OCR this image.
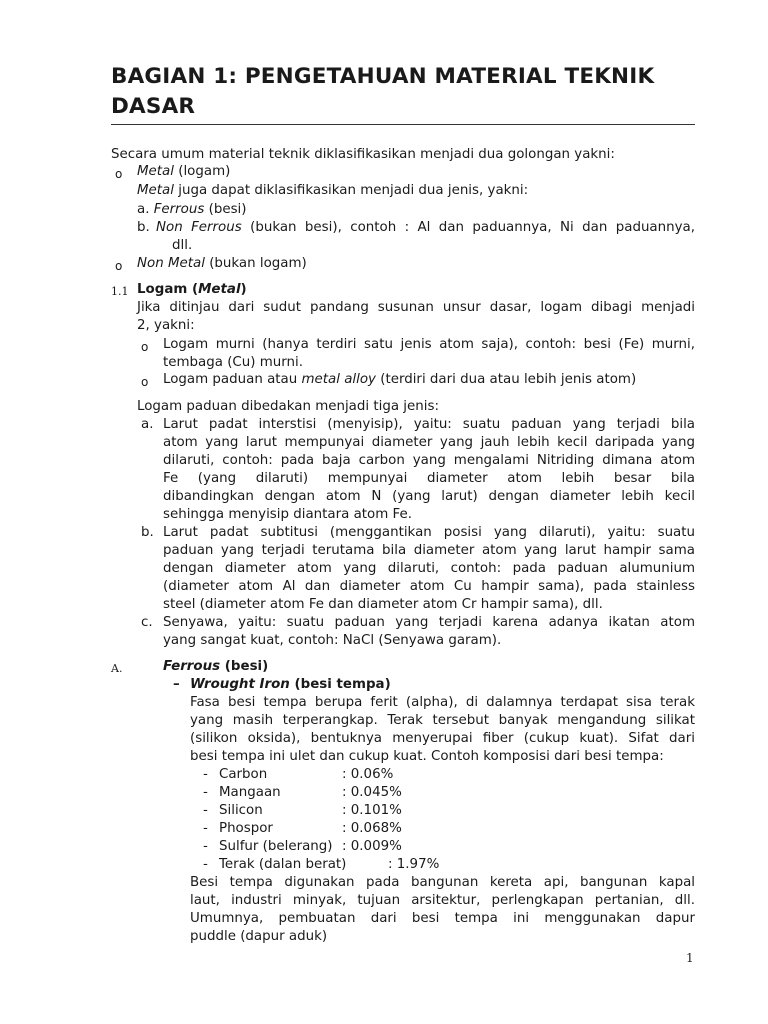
BAGIAN 1: PENGETAHUAN MATERIAL TEKNIK DASAR
Secara umum material teknik diklasifikasikan menjadi dua golongan yakni:
o Metal (logam)
Metal juga dapat diklasifikasikan menjadi dua jenis, yakni:
a. Ferrous (besi)
b. Non Ferrous (bukan besi), contoh : Al dan paduannya, Ni dan paduannya,
dll.
o Non Metal (bukan logam)
1.1 Logam (Metal)
Jika ditinjau dari sudut pandang susunan unsur dasar, logam dibagi menjadi
2, yakni:
o Logam murni (hanya terdiri satu jenis atom saja), contoh: besi (Fe) murni,
tembaga (Cu) murni.
o Logam paduan atau metal alloy (terdiri dari dua atau lebih jenis atom)
Logam paduan dibedakan menjadi tiga jenis:
a. Larut padat interstisi (menyisip), yaitu: suatu paduan yang terjadi bila
atom yang larut mempunyai diameter yang jauh lebih kecil daripada yang
dilaruti, contoh: pada baja carbon yang mengalami Nitriding dimana atom
Fe (yang dilaruti) mempunyai diameter atom lebih besar bila
dibandingkan dengan atom N (yang larut) dengan diameter lebih kecil
sehingga menyisip diantara atom Fe.
b. Larut padat subtitusi (menggantikan posisi yang dilaruti), yaitu: suatu
paduan yang terjadi terutama bila diameter atom yang larut hampir sama
dengan diameter atom yang dilaruti, contoh: pada paduan alumunium
(diameter atom Al dan diameter atom Cu hampir sama), pada stainless
steel (diameter atom Fe dan diameter atom Cr hampir sama), dll.
c. Senyawa, yaitu: suatu paduan yang terjadi karena adanya ikatan atom
yang sangat kuat, contoh: NaCl (Senyawa garam).
A.	Ferrous (besi)
– Wrought Iron (besi tempa)
Fasa besi tempa berupa ferit (alpha), di dalamnya terdapat sisa terak
yang masih terperangkap. Terak tersebut banyak mengandung silikat
(silikon oksida), bentuknya menyerupai fiber (cukup kuat). Sifat dari
besi tempa ini ulet dan cukup kuat. Contoh komposisi dari besi tempa:
- Carbon	: 0.06%
- Mangaan	: 0.045%
- Silicon	: 0.101%
- Phospor	: 0.068%
- Sulfur (belerang) : 0.009%
- Terak (dalan berat)	: 1.97%
Besi tempa digunakan pada bangunan kereta api, bangunan kapal
laut, industri minyak, tujuan arsitektur, perlengkapan pertanian, dll.
Umumnya, pembuatan dari besi tempa ini menggunakan dapur
puddle (dapur aduk)
1
